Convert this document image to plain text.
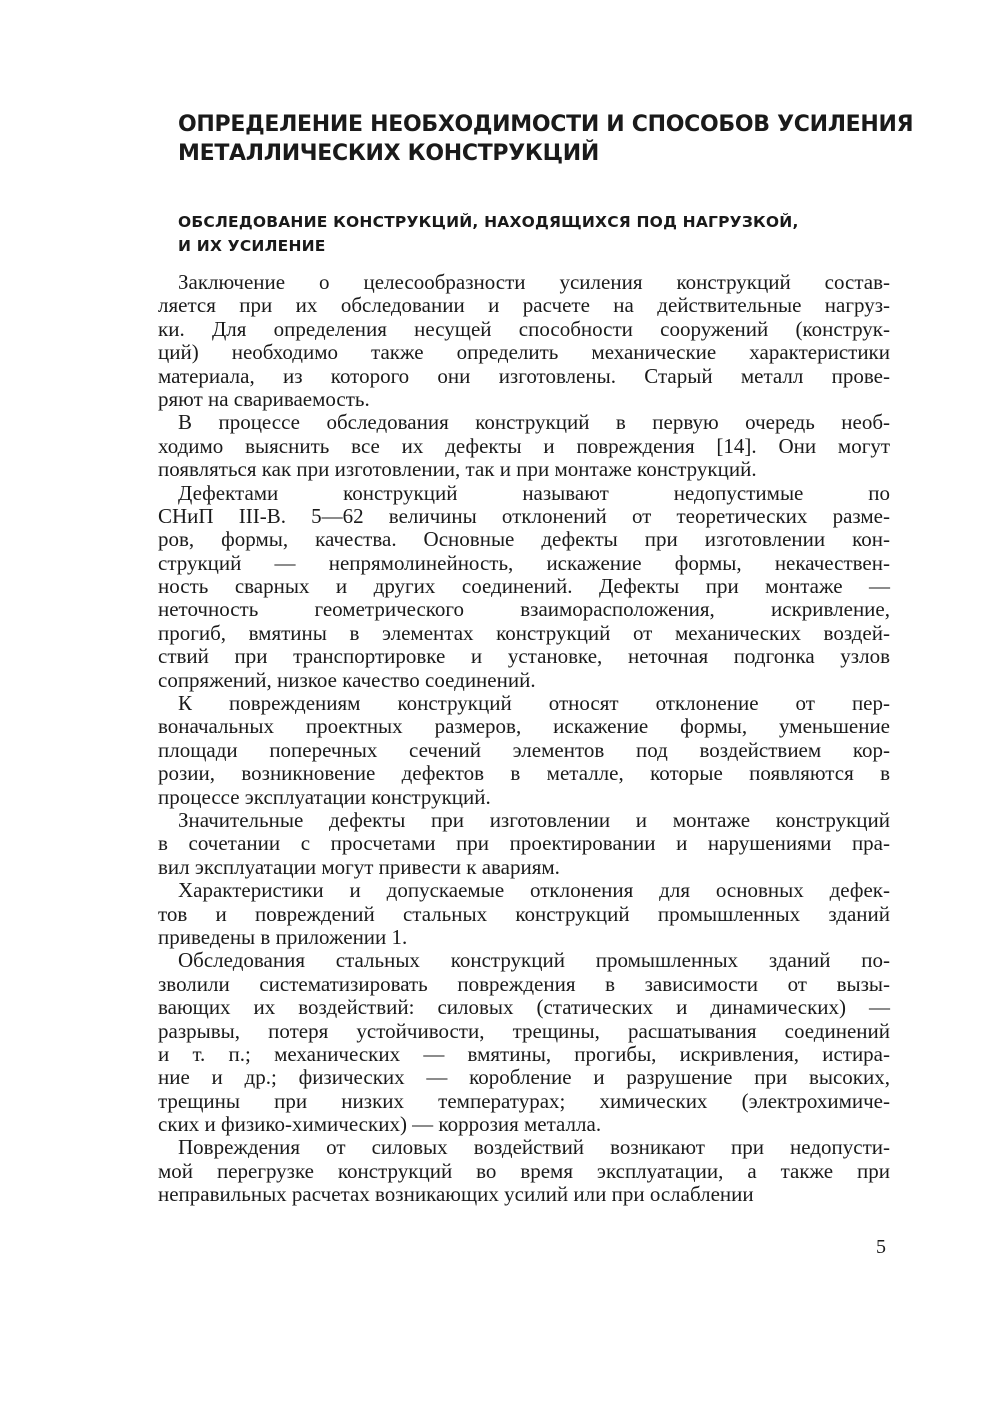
ОПРЕДЕЛЕНИЕ НЕОБХОДИМОСТИ И СПОСОБОВ УСИЛЕНИЯ
МЕТАЛЛИЧЕСКИХ КОНСТРУКЦИЙ
ОБСЛЕДОВАНИЕ КОНСТРУКЦИЙ, НАХОДЯЩИХСЯ ПОД НАГРУЗКОЙ,
И ИХ УСИЛЕНИЕ
Заключение о целесообразности усиления конструкций состав-
ляется при их обследовании и расчете на действительные нагруз-
ки. Для определения несущей способности сооружений (конструк-
ций) необходимо также определить механические характеристики
материала, из которого они изготовлены. Старый металл прове-
ряют на свариваемость.
В процессе обследования конструкций в первую очередь необ-
ходимо выяснить все их дефекты и повреждения [14]. Они могут
появляться как при изготовлении, так и при монтаже конструкций.
Дефектами конструкций называют недопустимые по
СНиП III-В. 5—62 величины отклонений от теоретических разме-
ров, формы, качества. Основные дефекты при изготовлении кон-
струкций — непрямолинейность, искажение формы, некачествен-
ность сварных и других соединений. Дефекты при монтаже —
неточность геометрического взаиморасположения, искривление,
прогиб, вмятины в элементах конструкций от механических воздей-
ствий при транспортировке и установке, неточная подгонка узлов
сопряжений, низкое качество соединений.
К повреждениям конструкций относят отклонение от пер-
воначальных проектных размеров, искажение формы, уменьшение
площади поперечных сечений элементов под воздействием кор-
розии, возникновение дефектов в металле, которые появляются в
процессе эксплуатации конструкций.
Значительные дефекты при изготовлении и монтаже конструкций
в сочетании с просчетами при проектировании и нарушениями пра-
вил эксплуатации могут привести к авариям.
Характеристики и допускаемые отклонения для основных дефек-
тов и повреждений стальных конструкций промышленных зданий
приведены в приложении 1.
Обследования стальных конструкций промышленных зданий по-
зволили систематизировать повреждения в зависимости от вызы-
вающих их воздействий: силовых (статических и динамических) —
разрывы, потеря устойчивости, трещины, расшатывания соединений
и т. п.; механических — вмятины, прогибы, искривления, истира-
ние и др.; физических — коробление и разрушение при высоких,
трещины при низких температурах; химических (электрохимиче-
ских и физико-химических) — коррозия металла.
Повреждения от силовых воздействий возникают при недопусти-
мой перегрузке конструкций во время эксплуатации, а также при
неправильных расчетах возникающих усилий или при ослаблении
5
